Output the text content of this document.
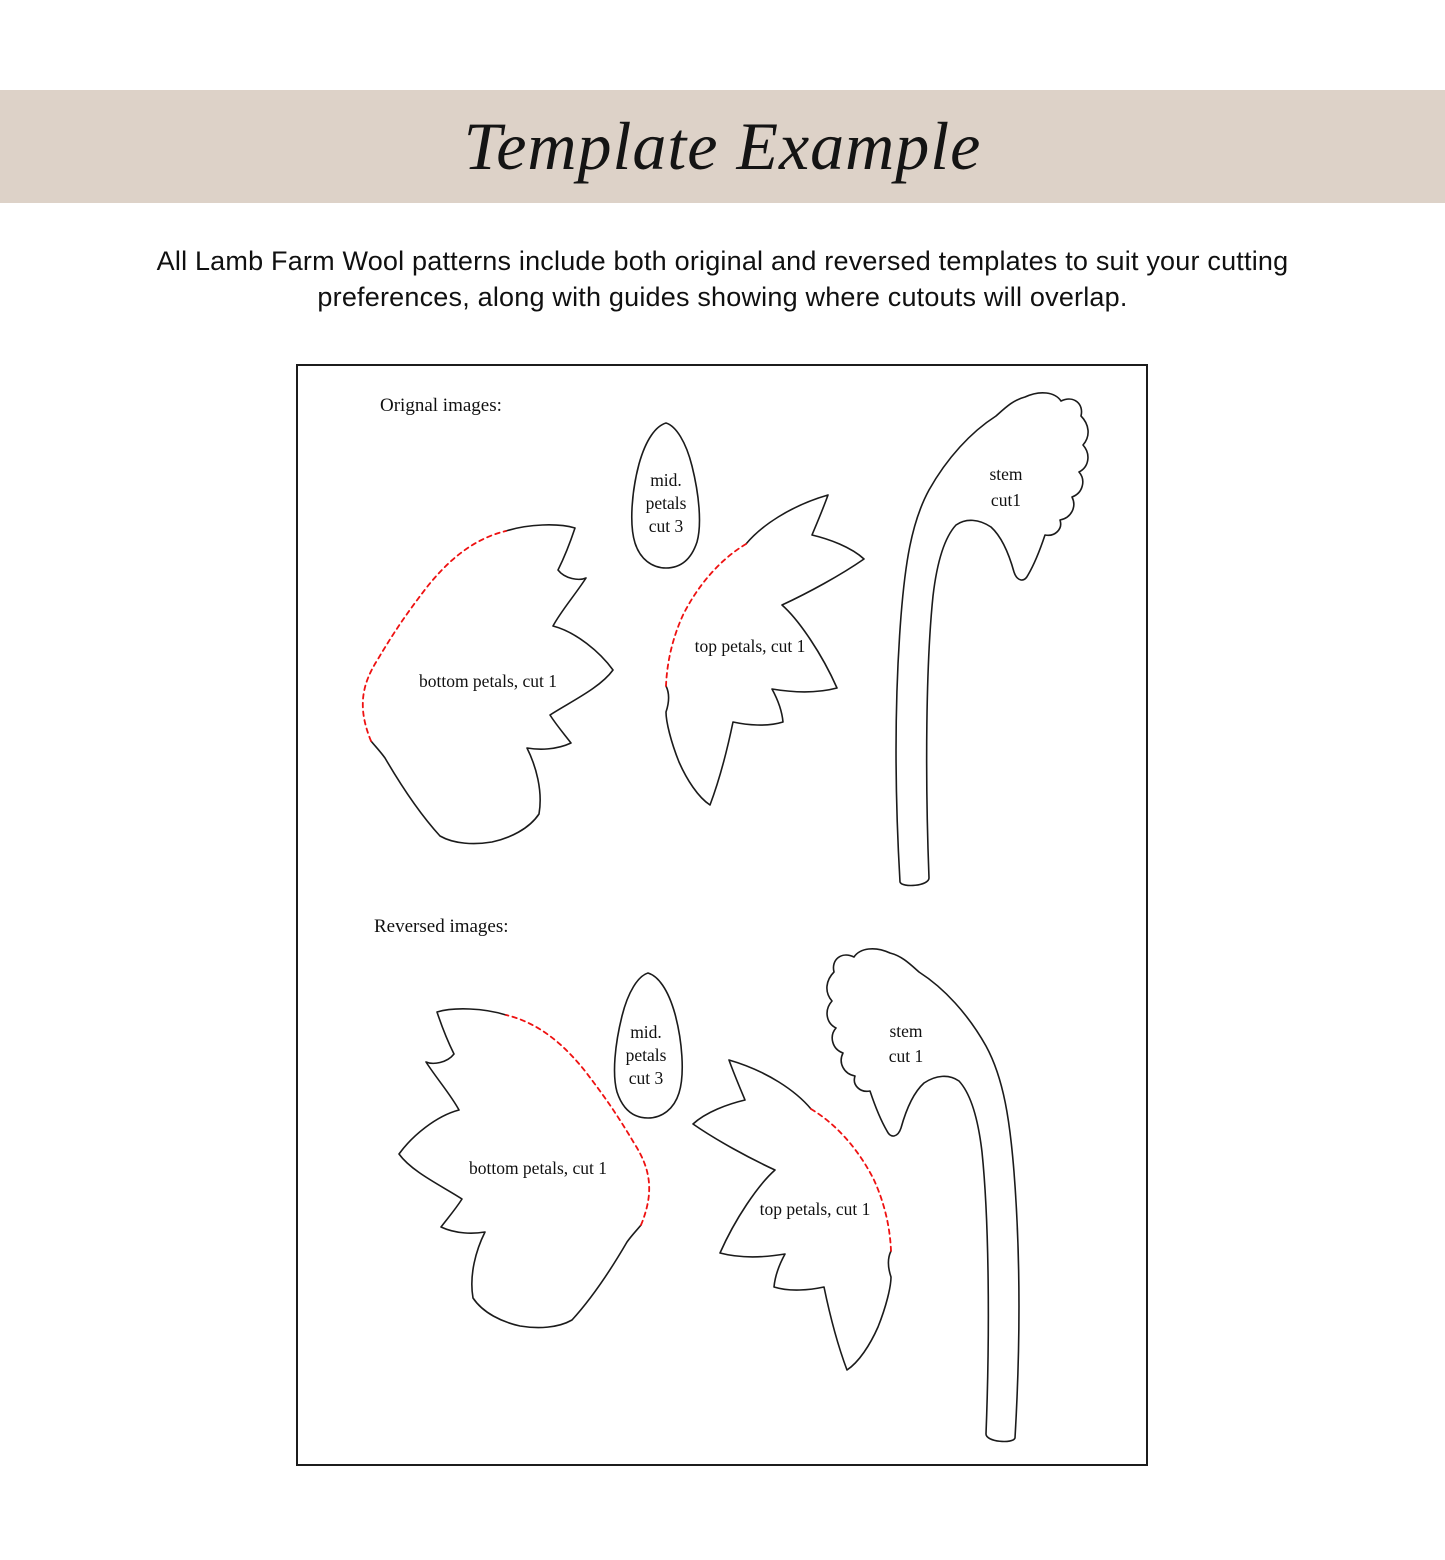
Template Example
All Lamb Farm Wool patterns include both original and reversed templates to suit your cutting
preferences, along with guides showing where cutouts will overlap.
Orignal images:
mid.
petals
cut 3
bottom petals, cut 1
top petals, cut 1
stem
cut1
Reversed images:
mid.
petals
cut 3
bottom petals, cut 1
top petals, cut 1
stem
cut 1
